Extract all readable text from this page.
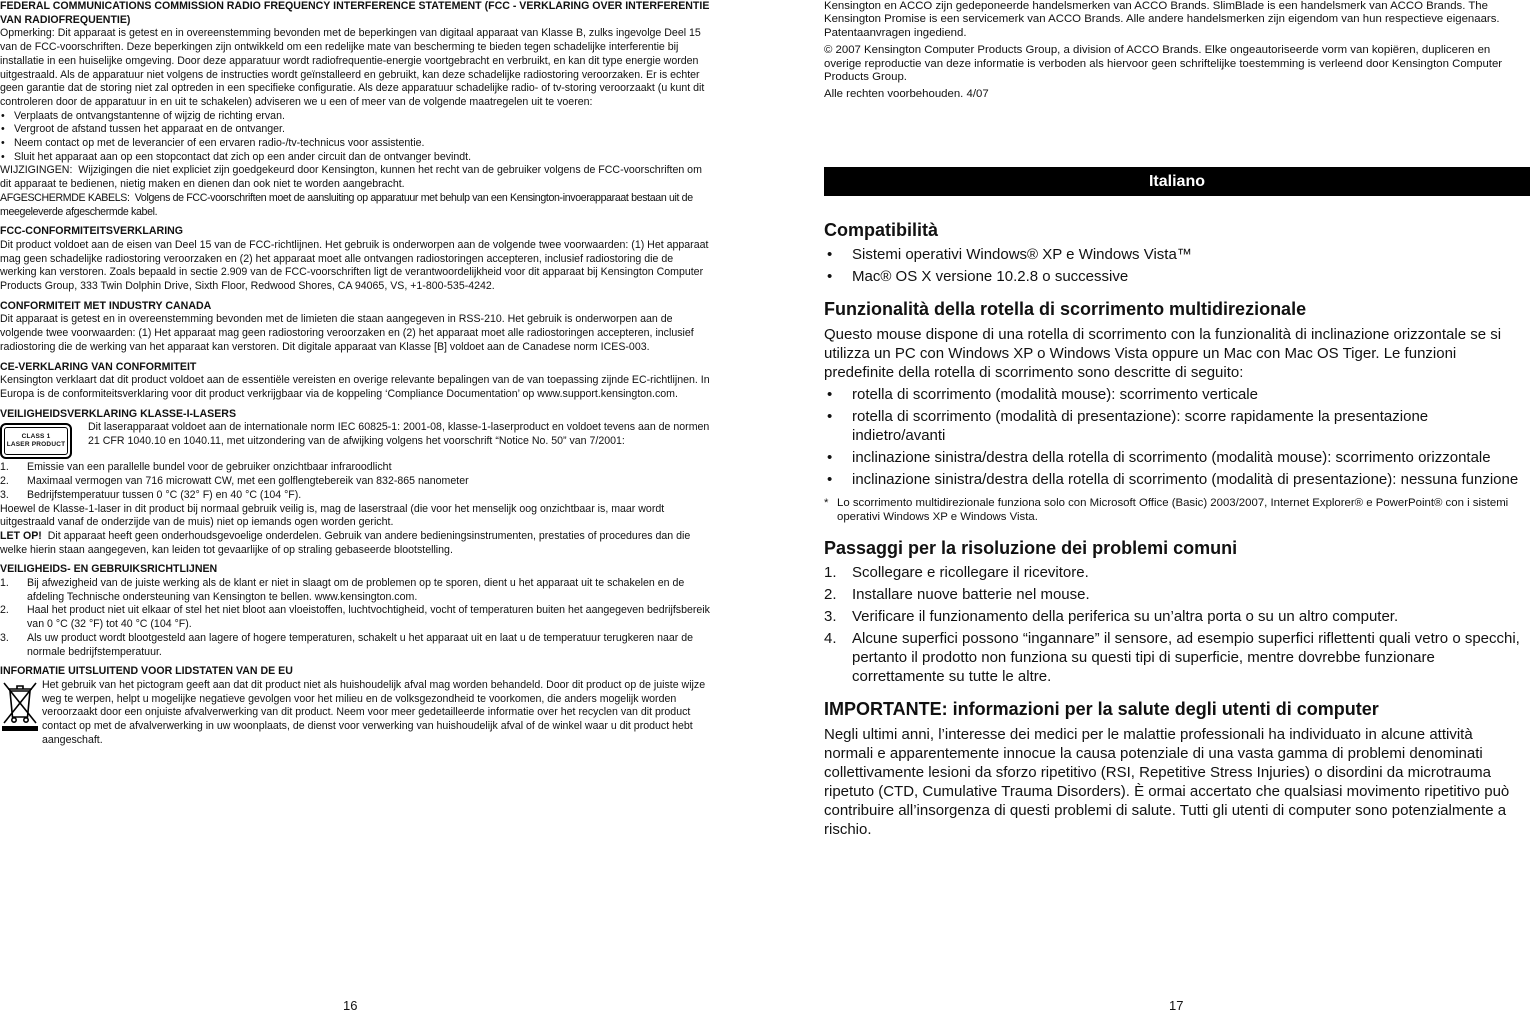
FEDERAL COMMUNICATIONS COMMISSION RADIO FREQUENCY INTERFERENCE STATEMENT (FCC - VERKLARING OVER INTERFERENTIE VAN RADIOFREQUENTIE)

Opmerking: Dit apparaat is getest en in overeenstemming bevonden met de beperkingen van digitaal apparaat van Klasse B, zulks ingevolge Deel 15 van de FCC-voorschriften. Deze beperkingen zijn ontwikkeld om een redelijke mate van bescherming te bieden tegen schadelijke interferentie bij installatie in een huiselijke omgeving. Door deze apparatuur wordt radiofrequentie-energie voortgebracht en verbruikt, en kan dit type energie worden uitgestraald. Als de apparatuur niet volgens de instructies wordt geïnstalleerd en gebruikt, kan deze schadelijke radiostoring veroorzaken. Er is echter geen garantie dat de storing niet zal optreden in een specifieke configuratie. Als deze apparatuur schadelijke radio- of tv-storing veroorzaakt (u kunt dit controleren door de apparatuur in en uit te schakelen) adviseren we u een of meer van de volgende maatregelen uit te voeren:

• Verplaats de ontvangstantenne of wijzig de richting ervan.

• Vergroot de afstand tussen het apparaat en de ontvanger.

• Neem contact op met de leverancier of een ervaren radio-/tv-technicus voor assistentie.

• Sluit het apparaat aan op een stopcontact dat zich op een ander circuit dan de ontvanger bevindt.

WIJZIGINGEN: Wijzigingen die niet expliciet zijn goedgekeurd door Kensington, kunnen het recht van de gebruiker volgens de FCC-voorschriften om dit apparaat te bedienen, nietig maken en dienen dan ook niet te worden aangebracht.

AFGESCHERMDE KABELS: Volgens de FCC-voorschriften moet de aansluiting op apparatuur met behulp van een Kensington-invoerapparaat bestaan uit de meegeleverde afgeschermde kabel.

FCC-CONFORMITEITSVERKLARING

Dit product voldoet aan de eisen van Deel 15 van de FCC-richtlijnen. Het gebruik is onderworpen aan de volgende twee voorwaarden: (1) Het apparaat mag geen schadelijke radiostoring veroorzaken en (2) het apparaat moet alle ontvangen radiostoringen accepteren, inclusief radiostoring die de werking kan verstoren. Zoals bepaald in sectie 2.909 van de FCC-voorschriften ligt de verantwoordelijkheid voor dit apparaat bij Kensington Computer Products Group, 333 Twin Dolphin Drive, Sixth Floor, Redwood Shores, CA 94065, VS, +1-800-535-4242.

CONFORMITEIT MET INDUSTRY CANADA

Dit apparaat is getest en in overeenstemming bevonden met de limieten die staan aangegeven in RSS-210. Het gebruik is onderworpen aan de volgende twee voorwaarden: (1) Het apparaat mag geen radiostoring veroorzaken en (2) het apparaat moet alle radiostoringen accepteren, inclusief radiostoring die de werking van het apparaat kan verstoren. Dit digitale apparaat van Klasse [B] voldoet aan de Canadese norm ICES-003.

CE-VERKLARING VAN CONFORMITEIT

Kensington verklaart dat dit product voldoet aan de essentiële vereisten en overige relevante bepalingen van de van toepassing zijnde EC-richtlijnen. In Europa is de conformiteitsverklaring voor dit product verkrijgbaar via de koppeling ‘Compliance Documentation’ op www.support.kensington.com.

VEILIGHEIDSVERKLARING KLASSE-I-LASERS

CLASS 1
LASER PRODUCT

Dit laserapparaat voldoet aan de internationale norm IEC 60825-1: 2001-08, klasse-1-laserproduct en voldoet tevens aan de normen 21 CFR 1040.10 en 1040.11, met uitzondering van de afwijking volgens het voorschrift “Notice No. 50” van 7/2001:

1. Emissie van een parallelle bundel voor de gebruiker onzichtbaar infraroodlicht

2. Maximaal vermogen van 716 microwatt CW, met een golflengtebereik van 832-865 nanometer

3. Bedrijfstemperatuur tussen 0 °C (32° F) en 40 °C (104 °F).

Hoewel de Klasse-1-laser in dit product bij normaal gebruik veilig is, mag de laserstraal (die voor het menselijk oog onzichtbaar is, maar wordt uitgestraald vanaf de onderzijde van de muis) niet op iemands ogen worden gericht.

LET OP! Dit apparaat heeft geen onderhoudsgevoelige onderdelen. Gebruik van andere bedieningsinstrumenten, prestaties of procedures dan die welke hierin staan aangegeven, kan leiden tot gevaarlijke of op straling gebaseerde blootstelling.

VEILIGHEIDS- EN GEBRUIKSRICHTLIJNEN

1. Bij afwezigheid van de juiste werking als de klant er niet in slaagt om de problemen op te sporen, dient u het apparaat uit te schakelen en de afdeling Technische ondersteuning van Kensington te bellen. www.kensington.com.

2. Haal het product niet uit elkaar of stel het niet bloot aan vloeistoffen, luchtvochtigheid, vocht of temperaturen buiten het aangegeven bedrijfsbereik van 0 °C (32 °F) tot 40 °C (104 °F).

3. Als uw product wordt blootgesteld aan lagere of hogere temperaturen, schakelt u het apparaat uit en laat u de temperatuur terugkeren naar de normale bedrijfstemperatuur.

INFORMATIE UITSLUITEND VOOR LIDSTATEN VAN DE EU

Het gebruik van het pictogram geeft aan dat dit product niet als huishoudelijk afval mag worden behandeld. Door dit product op de juiste wijze weg te werpen, helpt u mogelijke negatieve gevolgen voor het milieu en de volksgezondheid te voorkomen, die anders mogelijk worden veroorzaakt door een onjuiste afvalverwerking van dit product. Neem voor meer gedetailleerde informatie over het recyclen van dit product contact op met de afvalverwerking in uw woonplaats, de dienst voor verwerking van huishoudelijk afval of de winkel waar u dit product hebt aangeschaft.

16

Kensington en ACCO zijn gedeponeerde handelsmerken van ACCO Brands. SlimBlade is een handelsmerk van ACCO Brands. The Kensington Promise is een servicemerk van ACCO Brands. Alle andere handelsmerken zijn eigendom van hun respectieve eigenaars. Patentaanvragen ingediend.

© 2007 Kensington Computer Products Group, a division of ACCO Brands. Elke ongeautoriseerde vorm van kopiëren, dupliceren en overige reproductie van deze informatie is verboden als hiervoor geen schriftelijke toestemming is verleend door Kensington Computer Products Group.

Alle rechten voorbehouden. 4/07

Italiano
Compatibilità

• Sistemi operativi Windows® XP e Windows Vista™

• Mac® OS X versione 10.2.8 o successive

Funzionalità della rotella di scorrimento multidirezionale

Questo mouse dispone di una rotella di scorrimento con la funzionalità di inclinazione orizzontale se si utilizza un PC con Windows XP o Windows Vista oppure un Mac con Mac OS Tiger. Le funzioni predefinite della rotella di scorrimento sono descritte di seguito:

• rotella di scorrimento (modalità mouse): scorrimento verticale

• rotella di scorrimento (modalità di presentazione): scorre rapidamente la presentazione indietro/avanti

• inclinazione sinistra/destra della rotella di scorrimento (modalità mouse): scorrimento orizzontale

• inclinazione sinistra/destra della rotella di scorrimento (modalità di presentazione): nessuna funzione

* Lo scorrimento multidirezionale funziona solo con Microsoft Office (Basic) 2003/2007, Internet Explorer® e PowerPoint® con i sistemi operativi Windows XP e Windows Vista.

Passaggi per la risoluzione dei problemi comuni

1. Scollegare e ricollegare il ricevitore.

2. Installare nuove batterie nel mouse.

3. Verificare il funzionamento della periferica su un’altra porta o su un altro computer.

4. Alcune superfici possono “ingannare” il sensore, ad esempio superfici riflettenti quali vetro o specchi, pertanto il prodotto non funziona su questi tipi di superficie, mentre dovrebbe funzionare correttamente su tutte le altre.

IMPORTANTE: informazioni per la salute degli utenti di computer

Negli ultimi anni, l’interesse dei medici per le malattie professionali ha individuato in alcune attività normali e apparentemente innocue la causa potenziale di una vasta gamma di problemi denominati collettivamente lesioni da sforzo ripetitivo (RSI, Repetitive Stress Injuries) o disordini da microtrauma ripetuto (CTD, Cumulative Trauma Disorders). È ormai accertato che qualsiasi movimento ripetitivo può contribuire all’insorgenza di questi problemi di salute. Tutti gli utenti di computer sono potenzialmente a rischio.

17
